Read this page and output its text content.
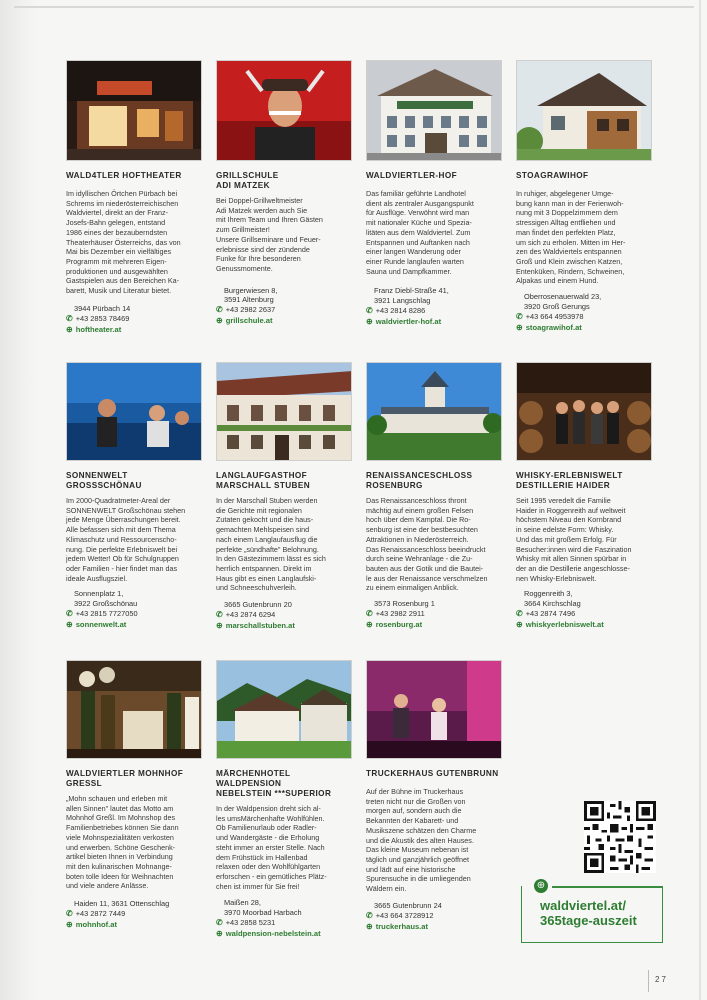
WALD4TLER HOFTHEATER
Im idyllischen Örtchen Pürbach bei
Schrems im niederösterreichischen
Waldviertel, direkt an der Franz-
Josefs-Bahn gelegen, entstand
1986 eines der bezauberndsten
Theaterhäuser Österreichs, das von
Mai bis Dezember ein vielfältiges
Programm mit mehreren Eigen-
produktionen und ausgewählten
Gastspielen aus den Bereichen Ka-
barett, Musik und Literatur bietet.
3944 Pürbach 14
✆ +43 2853 78469
⊕ hoftheater.at
GRILLSCHULE
ADI MATZEK
Bei Doppel-Grillweltmeister
Adi Matzek werden auch Sie
mit Ihrem Team und Ihren Gästen
zum Grillmeister!
Unsere Grillseminare und Feuer-
erlebnisse sind der zündende
Funke für Ihre besonderen
Genussmomente.
Burgerwiesen 8,
3591 Altenburg
✆ +43 2982 2637
⊕ grillschule.at
WALDVIERTLER-HOF
Das familiär geführte Landhotel
dient als zentraler Ausgangspunkt
für Ausflüge. Verwöhnt wird man
mit nationaler Küche und Spezia-
litäten aus dem Waldviertel. Zum
Entspannen und Auftanken nach
einer langen Wanderung oder
einer Runde langlaufen warten
Sauna und Dampfkammer.
Franz Diebl-Straße 41,
3921 Langschlag
✆ +43 2814 8286
⊕ waldviertler-hof.at
STOAGRAWIHOF
In ruhiger, abgelegener Umge-
bung kann man in der Ferienwoh-
nung mit 3 Doppelzimmern dem
stressigen Alltag entfliehen und
man findet den perfekten Platz,
um sich zu erholen. Mitten im Her-
zen des Waldviertels entspannen
Groß und Klein zwischen Katzen,
Entenküken, Rindern, Schweinen,
Alpakas und einem Hund.
Oberrosenauerwald 23,
3920 Groß Gerungs
✆ +43 664 4953978
⊕ stoagrawihof.at
SONNENWELT
GROSSSCHÖNAU
Im 2000-Quadratmeter-Areal der
SONNENWELT Großschönau stehen
jede Menge Überraschungen bereit.
Alle befassen sich mit dem Thema
Klimaschutz und Ressourcenscho-
nung. Die perfekte Erlebniswelt bei
jedem Wetter! Ob für Schulgruppen
oder Familien - hier findet man das
ideale Ausflugsziel.
Sonnenplatz 1,
3922 Großschönau
✆ +43 2815 7727050
⊕ sonnenwelt.at
LANGLAUFGASTHOF
MARSCHALL STUBEN
In der Marschall Stuben werden
die Gerichte mit regionalen
Zutaten gekocht und die haus-
gemachten Mehlspeisen sind
nach einem Langlaufausflug die
perfekte „sündhafte" Belohnung.
In den Gästezimmern lässt es sich
herrlich entspannen. Direkt im
Haus gibt es einen Langlaufski-
und Schneeschuhverleih.
3665 Gutenbrunn 20
✆ +43 2874 6294
⊕ marschallstuben.at
RENAISSANCESCHLOSS
ROSENBURG
Das Renaissanceschloss thront
mächtig auf einem großen Felsen
hoch über dem Kamptal. Die Ro-
senburg ist eine der bestbesuchten
Attraktionen in Niederösterreich.
Das Renaissanceschloss beeindruckt
durch seine Wehranlage - die Zu-
bauten aus der Gotik und die Bautei-
le aus der Renaissance verschmelzen
zu einem einmaligen Anblick.
3573 Rosenburg 1
✆ +43 2982 2911
⊕ rosenburg.at
WHISKY-ERLEBNISWELT
DESTILLERIE HAIDER
Seit 1995 veredelt die Familie
Haider in Roggenreith auf weltweit
höchstem Niveau den Kornbrand
in seine edelste Form: Whisky.
Und das mit großem Erfolg. Für
Besucher:innen wird die Faszination
Whisky mit allen Sinnen spürbar in
der an die Destillerie angeschlosse-
nen Whisky-Erlebniswelt.
Roggenreith 3,
3664 Kirchschlag
✆ +43 2874 7496
⊕ whiskyerlebniswelt.at
WALDVIERTLER MOHNHOF
GRESSL
„Mohn schauen und erleben mit
allen Sinnen" lautet das Motto am
Mohnhof Greßl. Im Mohnshop des
Familienbetriebes können Sie dann
viele Mohnspezialitäten verkosten
und erwerben. Schöne Geschenk-
artikel bieten Ihnen in Verbindung
mit den kulinarischen Mohnange-
boten tolle Ideen für Weihnachten
und viele andere Anlässe.
Haiden 11, 3631 Ottenschlag
✆ +43 2872 7449
⊕ mohnhof.at
MÄRCHENHOTEL WALDPENSION
NEBELSTEIN ***SUPERIOR
In der Waldpension dreht sich al-
les umsMärchenhafte Wohlfühlen.
Ob Familienurlaub oder Radler-
und Wandergäste - die Erholung
steht immer an erster Stelle. Nach
dem Frühstück im Hallenbad
relaxen oder den Wohlfühlgarten
erforschen - ein gemütliches Plätz-
chen ist immer für Sie frei!
Maißen 28,
3970 Moorbad Harbach
✆ +43 2858 5231
⊕ waldpension-nebelstein.at
TRUCKERHAUS GUTENBRUNN
Auf der Bühne im Truckerhaus
treten nicht nur die Großen von
morgen auf, sondern auch die
Bekannten der Kabarett- und
Musikszene schätzen den Charme
und die Akustik des alten Hauses.
Das kleine Museum nebenan ist
täglich und ganzjährlich geöffnet
und lädt auf eine historische
Spurensuche in die umliegenden
Wäldern ein.
3665 Gutenbrunn 24
✆ +43 664 3728912
⊕ truckerhaus.at
⊕
waldviertel.at/
365tage-auszeit
27
